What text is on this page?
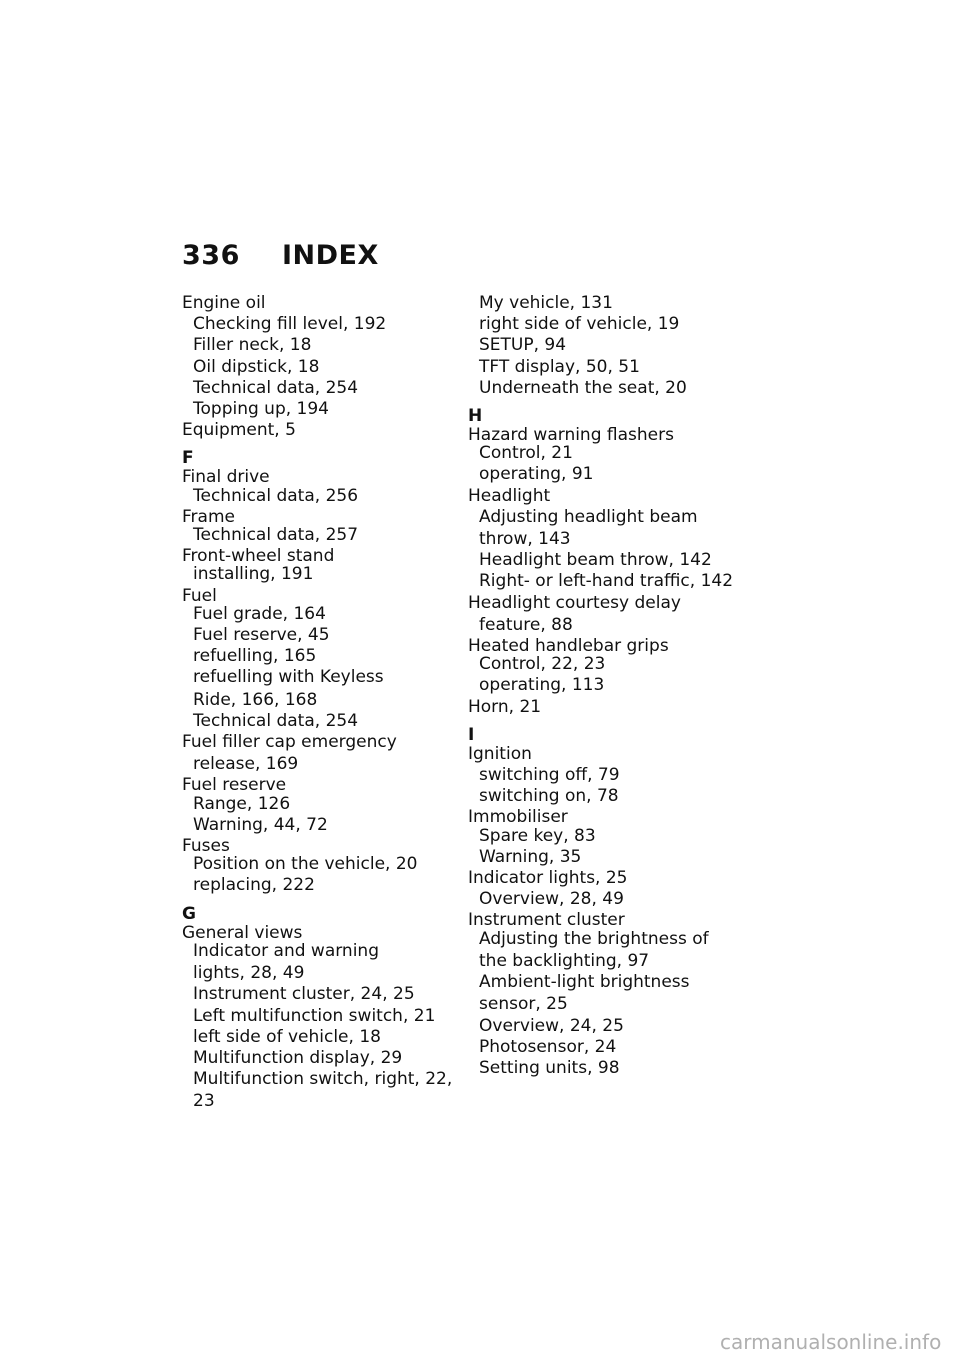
336 INDEX
Engine oil
Checking fill level, 192
Filler neck, 18
Oil dipstick, 18
Technical data, 254
Topping up, 194
Equipment, 5
F
Final drive
Technical data, 256
Frame
Technical data, 257
Front-wheel stand
installing, 191
Fuel
Fuel grade, 164
Fuel reserve, 45
refuelling, 165
refuelling with Keyless
Ride, 166, 168
Technical data, 254
Fuel filler cap emergency
release, 169
Fuel reserve
Range, 126
Warning, 44, 72
Fuses
Position on the vehicle, 20
replacing, 222
G
General views
Indicator and warning
lights, 28, 49
Instrument cluster, 24, 25
Left multifunction switch, 21
left side of vehicle, 18
Multifunction display, 29
Multifunction switch, right, 22,
23
My vehicle, 131
right side of vehicle, 19
SETUP, 94
TFT display, 50, 51
Underneath the seat, 20
H
Hazard warning flashers
Control, 21
operating, 91
Headlight
Adjusting headlight beam
throw, 143
Headlight beam throw, 142
Right- or left-hand traffic, 142
Headlight courtesy delay
feature, 88
Heated handlebar grips
Control, 22, 23
operating, 113
Horn, 21
I
Ignition
switching off, 79
switching on, 78
Immobiliser
Spare key, 83
Warning, 35
Indicator lights, 25
Overview, 28, 49
Instrument cluster
Adjusting the brightness of
the backlighting, 97
Ambient-light brightness
sensor, 25
Overview, 24, 25
Photosensor, 24
Setting units, 98
carmanualsonline.info
